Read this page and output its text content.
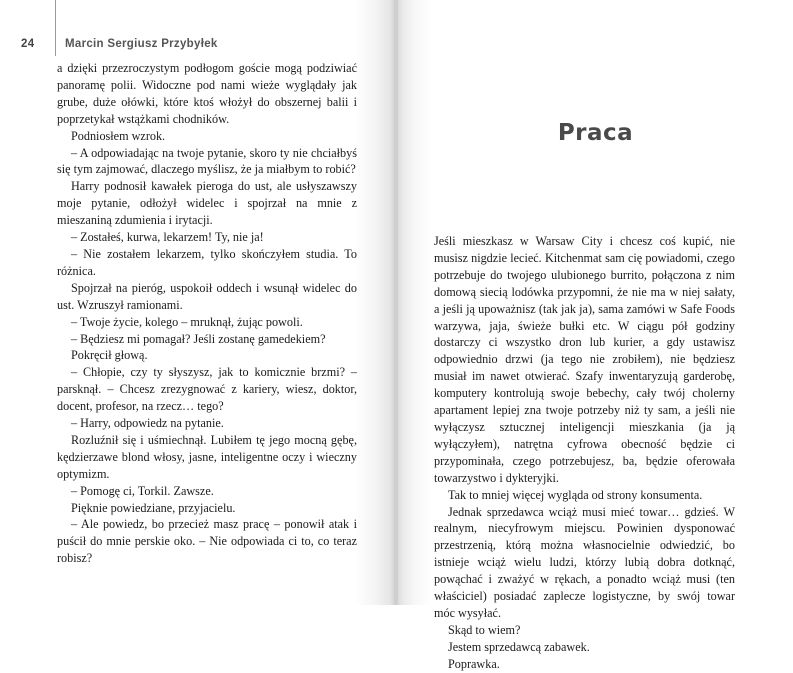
24	Marcin Sergiusz Przybyłek

a dzięki przezroczystym podłogom goście mogą podziwiać panoramę polii. Widoczne pod nami wieże wyglądały jak grube, duże ołówki, które ktoś włożył do obszernej balii i poprzetykał wstążkami chodników.

Podniosłem wzrok.

– A odpowiadając na twoje pytanie, skoro ty nie chciałbyś się tym zajmować, dlaczego myślisz, że ja miałbym to robić?

Harry podnosił kawałek pieroga do ust, ale usłyszawszy moje pytanie, odłożył widelec i spojrzał na mnie z mieszaniną zdumienia i irytacji.

– Zostałeś, kurwa, lekarzem! Ty, nie ja!

– Nie zostałem lekarzem, tylko skończyłem studia. To różnica.

Spojrzał na pieróg, uspokoił oddech i wsunął widelec do ust. Wzruszył ramionami.

– Twoje życie, kolego – mruknął, żując powoli.

– Będziesz mi pomagał? Jeśli zostanę gamedekiem?

Pokręcił głową.

– Chłopie, czy ty słyszysz, jak to komicznie brzmi? – parsknął. – Chcesz zrezygnować z kariery, wiesz, doktor, docent, profesor, na rzecz… tego?

– Harry, odpowiedz na pytanie.

Rozluźnił się i uśmiechnął. Lubiłem tę jego mocną gębę, kędzierzawe blond włosy, jasne, inteligentne oczy i wieczny optymizm.

– Pomogę ci, Torkil. Zawsze.

Pięknie powiedziane, przyjacielu.

– Ale powiedz, bo przecież masz pracę – ponowił atak i puścił do mnie perskie oko. – Nie odpowiada ci to, co teraz robisz?

Praca

Jeśli mieszkasz w Warsaw City i chcesz coś kupić, nie musisz nigdzie lecieć. Kitchenmat sam cię powiadomi, czego potrzebuje do twojego ulubionego burrito, połączona z nim domową siecią lodówka przypomni, że nie ma w niej sałaty, a jeśli ją upoważnisz (tak jak ja), sama zamówi w Safe Foods warzywa, jaja, świeże bułki etc. W ciągu pół godziny dostarczy ci wszystko dron lub kurier, a gdy ustawisz odpowiednio drzwi (ja tego nie zrobiłem), nie będziesz musiał im nawet otwierać. Szafy inwentaryzują garderobę, komputery kontrolują swoje bebechy, cały twój cholerny apartament lepiej zna twoje potrzeby niż ty sam, a jeśli nie wyłączysz sztucznej inteligencji mieszkania (ja ją wyłączyłem), natrętna cyfrowa obecność będzie ci przypominała, czego potrzebujesz, ba, będzie oferowała towarzystwo i dykteryjki.

Tak to mniej więcej wygląda od strony konsumenta.

Jednak sprzedawca wciąż musi mieć towar… gdzieś. W realnym, niecyfrowym miejscu. Powinien dysponować przestrzenią, którą można własnocielnie odwiedzić, bo istnieje wciąż wielu ludzi, którzy lubią dobra dotknąć, powąchać i zważyć w rękach, a ponadto wciąż musi (ten właściciel) posiadać zaplecze logistyczne, by swój towar móc wysyłać.

Skąd to wiem?

Jestem sprzedawcą zabawek.

Poprawka.
